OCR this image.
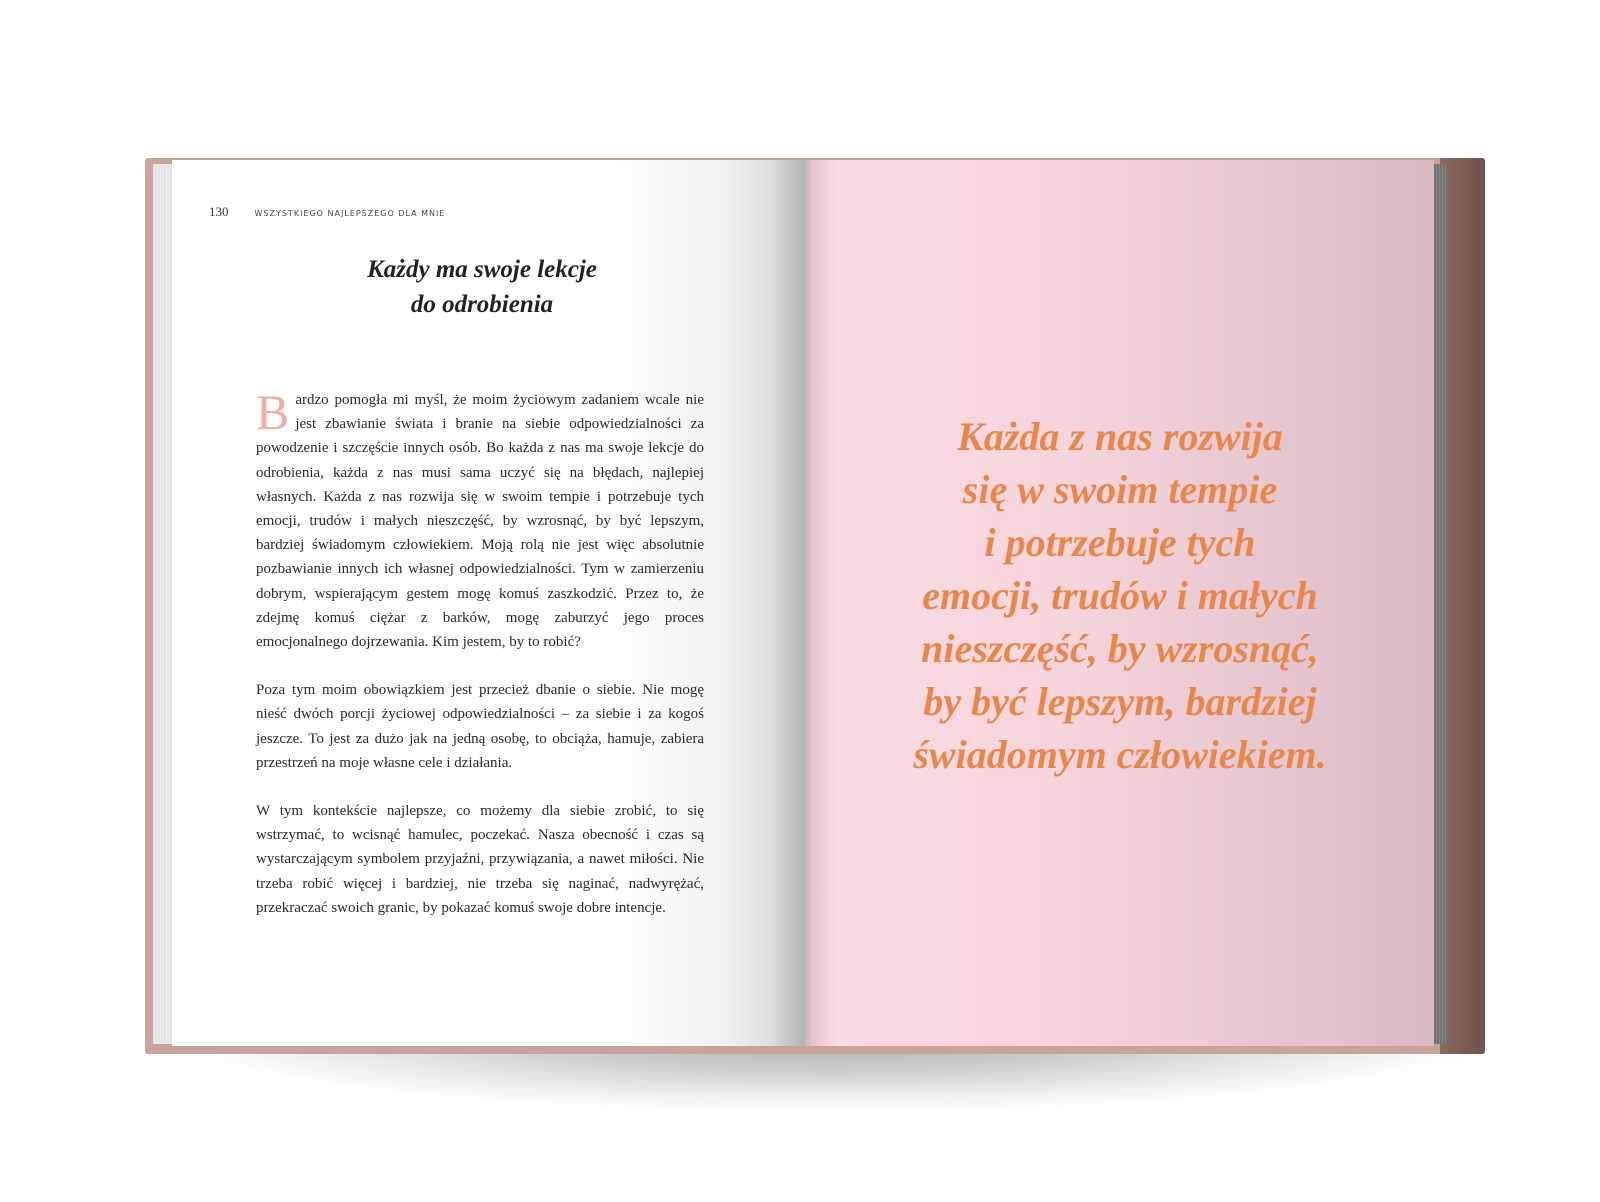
130	WSZYSTKIEGO NAJLEPSZEGO DLA MNIE
Każdy ma swoje lekcje
do odrobienia

Bardzo pomogła mi myśl, że moim życiowym zadaniem wcale nie jest zbawianie świata i branie na siebie odpowiedzialności za powodzenie i szczęście innych osób. Bo każda z nas ma swoje lekcje do odrobienia, każda z nas musi sama uczyć się na błędach, najlepiej własnych. Każda z nas rozwija się w swoim tempie i potrzebuje tych emocji, trudów i małych nieszczęść, by wzrosnąć, by być lepszym, bardziej świadomym człowiekiem. Moją rolą nie jest więc absolutnie pozbawianie innych ich własnej odpowiedzialności. Tym w zamierzeniu dobrym, wspierającym gestem mogę komuś zaszkodzić. Przez to, że zdejmę komuś ciężar z barków, mogę zaburzyć jego proces emocjonalnego dojrzewania. Kim jestem, by to robić?

Poza tym moim obowiązkiem jest przecież dbanie o siebie. Nie mogę nieść dwóch porcji życiowej odpowiedzialności – za siebie i za kogoś jeszcze. To jest za dużo jak na jedną osobę, to obciąża, hamuje, zabiera przestrzeń na moje własne cele i działania.

W tym kontekście najlepsze, co możemy dla siebie zrobić, to się wstrzymać, to wcisnąć hamulec, poczekać. Nasza obecność i czas są wystarczającym symbolem przyjaźni, przywiązania, a nawet miłości. Nie trzeba robić więcej i bardziej, nie trzeba się naginać, nadwyrężać, przekraczać swoich granic, by pokazać komuś swoje dobre intencje.

Każda z nas rozwija
się w swoim tempie
i potrzebuje tych
emocji, trudów i małych
nieszczęść, by wzrosnąć,
by być lepszym, bardziej
świadomym człowiekiem.
